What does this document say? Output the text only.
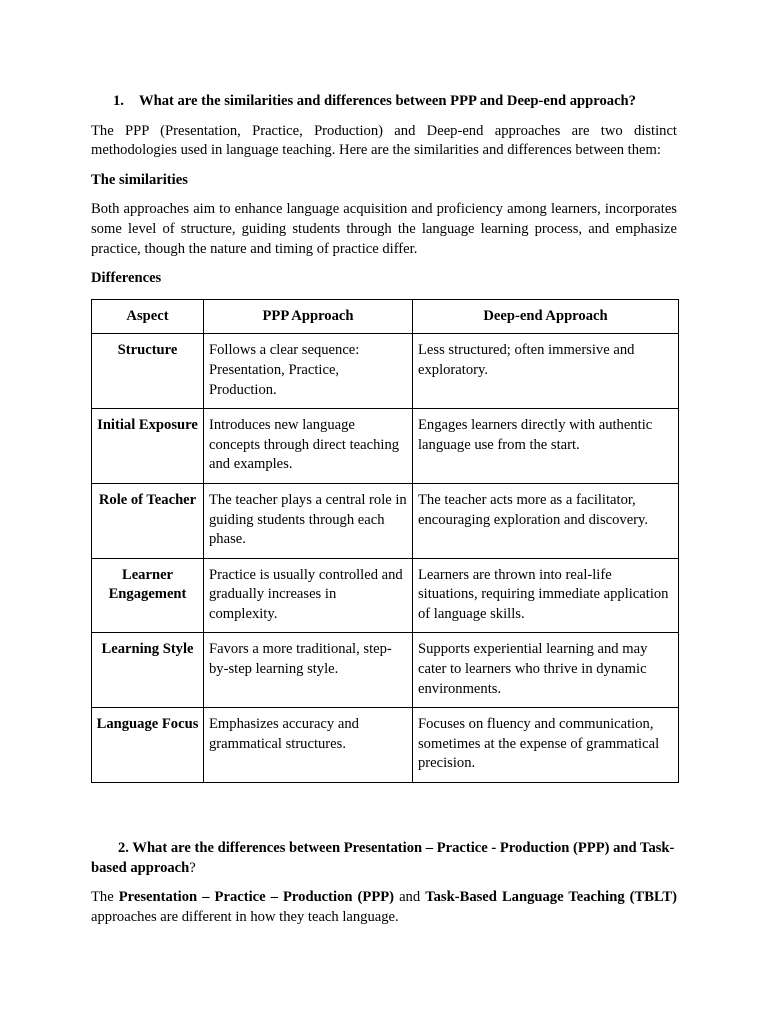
1. What are the similarities and differences between PPP and Deep-end approach?

The PPP (Presentation, Practice, Production) and Deep-end approaches are two distinct methodologies used in language teaching. Here are the similarities and differences between them:

The similarities

Both approaches aim to enhance language acquisition and proficiency among learners, incorporates some level of structure, guiding students through the language learning process, and emphasize practice, though the nature and timing of practice differ.

Differences
Aspect	PPP Approach	Deep-end Approach
Structure	Follows a clear sequence: Presentation, Practice, Production.	Less structured; often immersive and exploratory.
Initial Exposure	Introduces new language concepts through direct teaching and examples.	Engages learners directly with authentic language use from the start.
Role of Teacher	The teacher plays a central role in guiding students through each phase.	The teacher acts more as a facilitator, encouraging exploration and discovery.
Learner Engagement	Practice is usually controlled and gradually increases in complexity.	Learners are thrown into real-life situations, requiring immediate application of language skills.
Learning Style	Favors a more traditional, step-by-step learning style.	Supports experiential learning and may cater to learners who thrive in dynamic environments.
Language Focus	Emphasizes accuracy and grammatical structures.	Focuses on fluency and communication, sometimes at the expense of grammatical precision.
2. What are the differences between Presentation – Practice - Production (PPP) and Task-based approach?

The Presentation – Practice – Production (PPP) and Task-Based Language Teaching (TBLT) approaches are different in how they teach language.
